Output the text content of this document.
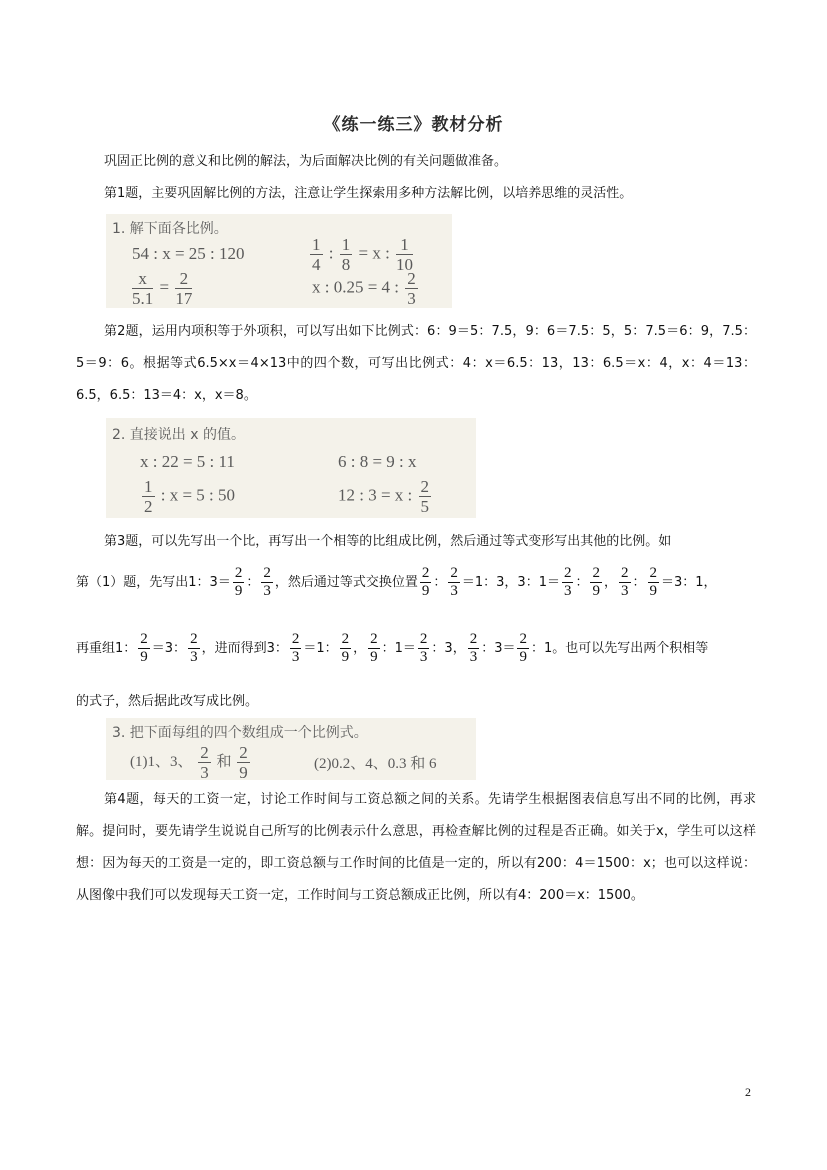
《练一练三》教材分析
巩固正比例的意义和比例的解法，为后面解决比例的有关问题做准备。
第1题，主要巩固解比例的方法，注意让学生探索用多种方法解比例，以培养思维的灵活性。
1. 解下面各比例。
54 : x = 25 : 120	$\frac{1}{4}$ : $\frac{1}{8} = x$ : $\frac{1}{10}$
$\frac{x}{5.1} = \frac{2}{17}$	x : 0.25 = 4 : $\frac{2}{3}$
第2题，运用内项积等于外项积，可以写出如下比例式：6：9＝5：7.5，9：6＝7.5：5，5：7.5＝6：9，7.5：5＝9：6。根据等式6.5×x＝4×13中的四个数，可写出比例式：4：x＝6.5：13，13：6.5＝x：4，x：4＝13：6.5，6.5：13＝4：x，x＝8。
2. 直接说出 x 的值。
x : 22 = 5 : 11	6 : 8 = 9 : x
$\frac{1}{2}$ : x = 5 : 50	12 : 3 = x : $\frac{2}{5}$
第3题，可以先写出一个比，再写出一个相等的比组成比例，然后通过等式变形写出其他的比例。如
第（1）题，先写出1：$3= \frac{2}{9}$ ： $\frac{2}{3}$ ，然后通过等式交换位置 $\frac{2}{9}$ ： $\frac{2}{3} =1$：3，3：$1= \frac{2}{3}$ ： $\frac{2}{9}$ ， $\frac{2}{3}$ ： $\frac{2}{9} =3$：1，
再重组1： $\frac{2}{9} =3$： $\frac{2}{3}$ ，进而得到3： $\frac{2}{3} =1$： $\frac{2}{9}$ ， $\frac{2}{9}$ ：$1= \frac{2}{3}$ ：3， $\frac{2}{3}$ ：$3= \frac{2}{9}$ ：1。也可以先写出两个积相等
的式子，然后据此改写成比例。
3. 把下面每组的四个数组成一个比例式。
(1)1、3、 $\frac{2}{3}$ 和 $\frac{2}{9}$	(2)0.2、4、0.3 和 6
第4题，每天的工资一定，讨论工作时间与工资总额之间的关系。先请学生根据图表信息写出不同的比例，再求解。提问时，要先请学生说说自己所写的比例表示什么意思，再检查解比例的过程是否正确。如关于x，学生可以这样想：因为每天的工资是一定的，即工资总额与工作时间的比值是一定的，所以有200：4＝1500：x；也可以这样说：从图像中我们可以发现每天工资一定，工作时间与工资总额成正比例，所以有4：200＝x：1500。
2
